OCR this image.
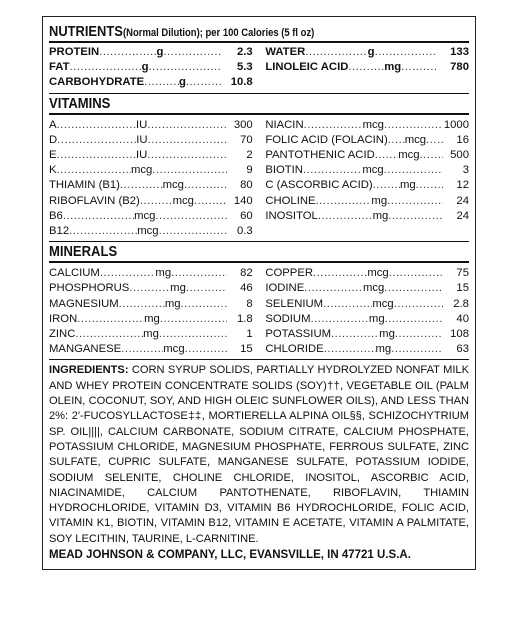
NUTRIENTS (Normal Dilution); per 100 Calories (5 fl oz)
PROTEIN .....	g .....	2.3
FAT .....	g .....	5.3
CARBOHYDRATE .....	g .....	10.8
WATER .....	g .....	133
LINOLEIC ACID .....	mg .....	780
VITAMINS
A .....	IU .....	300
D .....	IU .....	70
E .....	IU .....	2
K .....	mcg .....	9
THIAMIN (B1) .....	mcg .....	80
RIBOFLAVIN (B2) .....	mcg .....	140
B6 .....	mcg .....	60
B12 .....	mcg .....	0.3
NIACIN .....	mcg .....	1000
FOLIC ACID (FOLACIN) ..... mcg .....	16
PANTOTHENIC ACID ..... mcg .....	500
BIOTIN .....	mcg .....	3
C (ASCORBIC ACID) ..... mg .....	12
CHOLINE .....	mg .....	24
INOSITOL .....	mg .....	24
MINERALS
CALCIUM .....	mg .....	82
PHOSPHORUS .....	mg .....	46
MAGNESIUM .....	mg .....	8
IRON .....	mg .....	1.8
ZINC .....	mg .....	1
MANGANESE .....	mcg .....	15
COPPER .....	mcg .....	75
IODINE .....	mcg .....	15
SELENIUM .....	mcg .....	2.8
SODIUM .....	mg .....	40
POTASSIUM .....	mg .....	108
CHLORIDE .....	mg .....	63
INGREDIENTS: CORN SYRUP SOLIDS, PARTIALLY HYDROLYZED NONFAT MILK AND WHEY PROTEIN CONCENTRATE SOLIDS (SOY)††, VEGETABLE OIL (PALM OLEIN, COCONUT, SOY, AND HIGH OLEIC SUNFLOWER OILS), AND LESS THAN 2%: 2'-FUCOSYLLACTOSE‡‡, MORTIERELLA ALPINA OIL§§, SCHIZOCHYTRIUM SP. OIL||||, CALCIUM CARBONATE, SODIUM CITRATE, CALCIUM PHOSPHATE, POTASSIUM CHLORIDE, MAGNESIUM PHOSPHATE, FERROUS SULFATE, ZINC SULFATE, CUPRIC SULFATE, MANGANESE SULFATE, POTASSIUM IODIDE, SODIUM SELENITE, CHOLINE CHLORIDE, INOSITOL, ASCORBIC ACID, NIACINAMIDE, CALCIUM PANTOTHENATE, RIBOFLAVIN, THIAMIN HYDROCHLORIDE, VITAMIN D3, VITAMIN B6 HYDROCHLORIDE, FOLIC ACID, VITAMIN K1, BIOTIN, VITAMIN B12, VITAMIN E ACETATE, VITAMIN A PALMITATE, SOY LECITHIN, TAURINE, L-CARNITINE.
MEAD JOHNSON & COMPANY, LLC, EVANSVILLE, IN 47721 U.S.A.
